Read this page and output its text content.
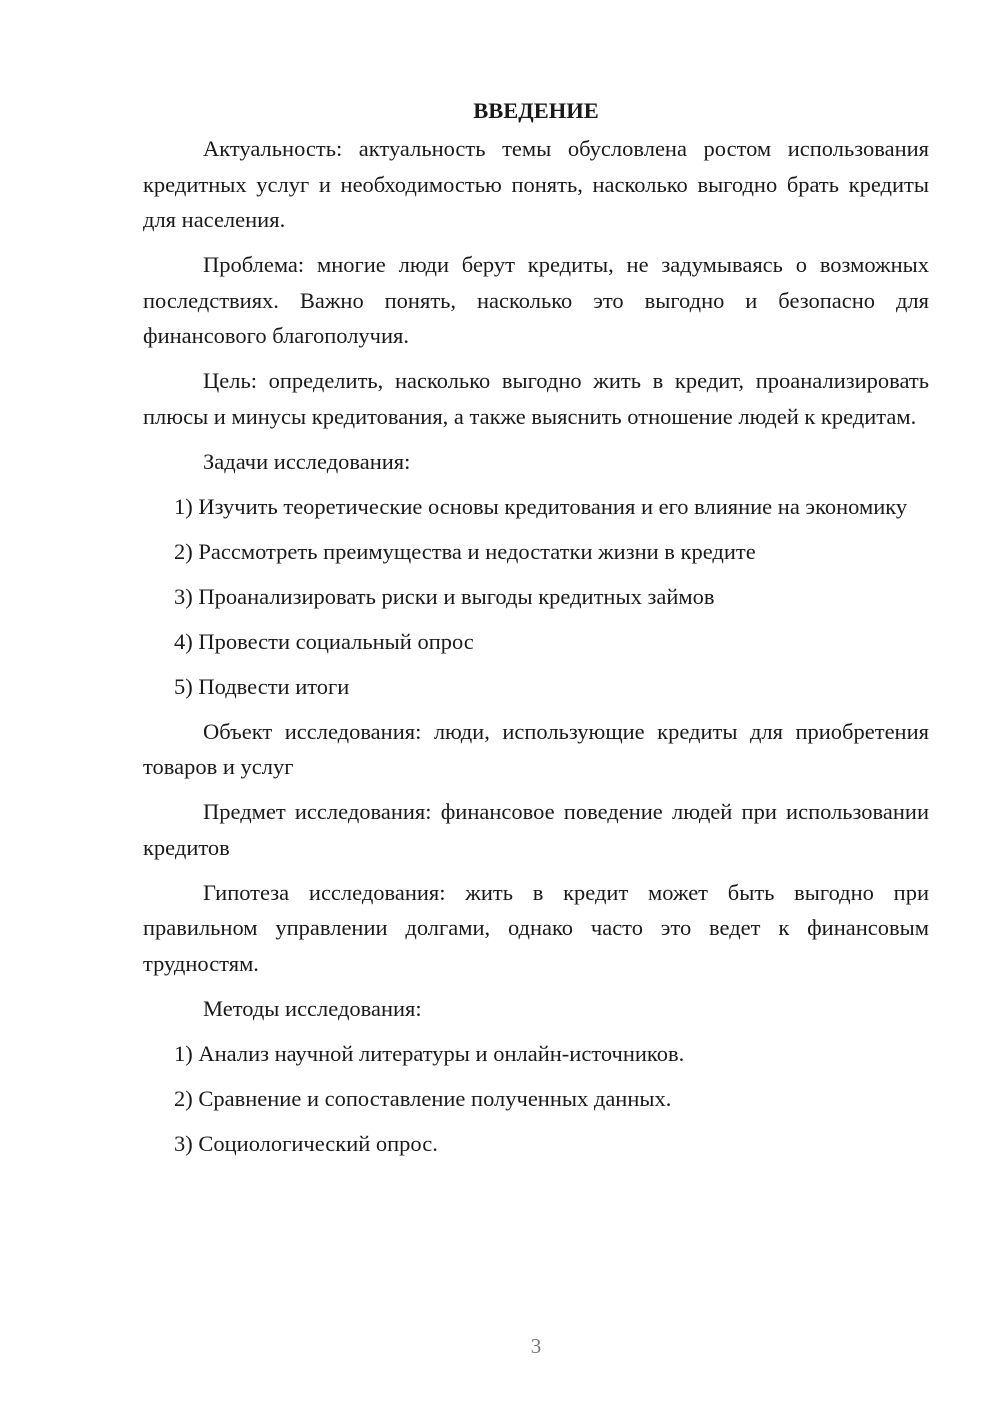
ВВЕДЕНИЕ

Актуальность: актуальность темы обусловлена ростом использования кредитных услуг и необходимостью понять, насколько выгодно брать кредиты для населения.

Проблема: многие люди берут кредиты, не задумываясь о возможных последствиях. Важно понять, насколько это выгодно и безопасно для финансового благополучия.

Цель: определить, насколько выгодно жить в кредит, проанализировать плюсы и минусы кредитования, а также выяснить отношение людей к кредитам.

Задачи исследования:

1) Изучить теоретические основы кредитования и его влияние на экономику

2) Рассмотреть преимущества и недостатки жизни в кредите

3) Проанализировать риски и выгоды кредитных займов

4) Провести социальный опрос

5) Подвести итоги

Объект исследования: люди, использующие кредиты для приобретения товаров и услуг

Предмет исследования: финансовое поведение людей при использовании кредитов

Гипотеза исследования: жить в кредит может быть выгодно при правильном управлении долгами, однако часто это ведет к финансовым трудностям.

Методы исследования:

1) Анализ научной литературы и онлайн-источников.

2) Сравнение и сопоставление полученных данных.

3) Социологический опрос.

3
